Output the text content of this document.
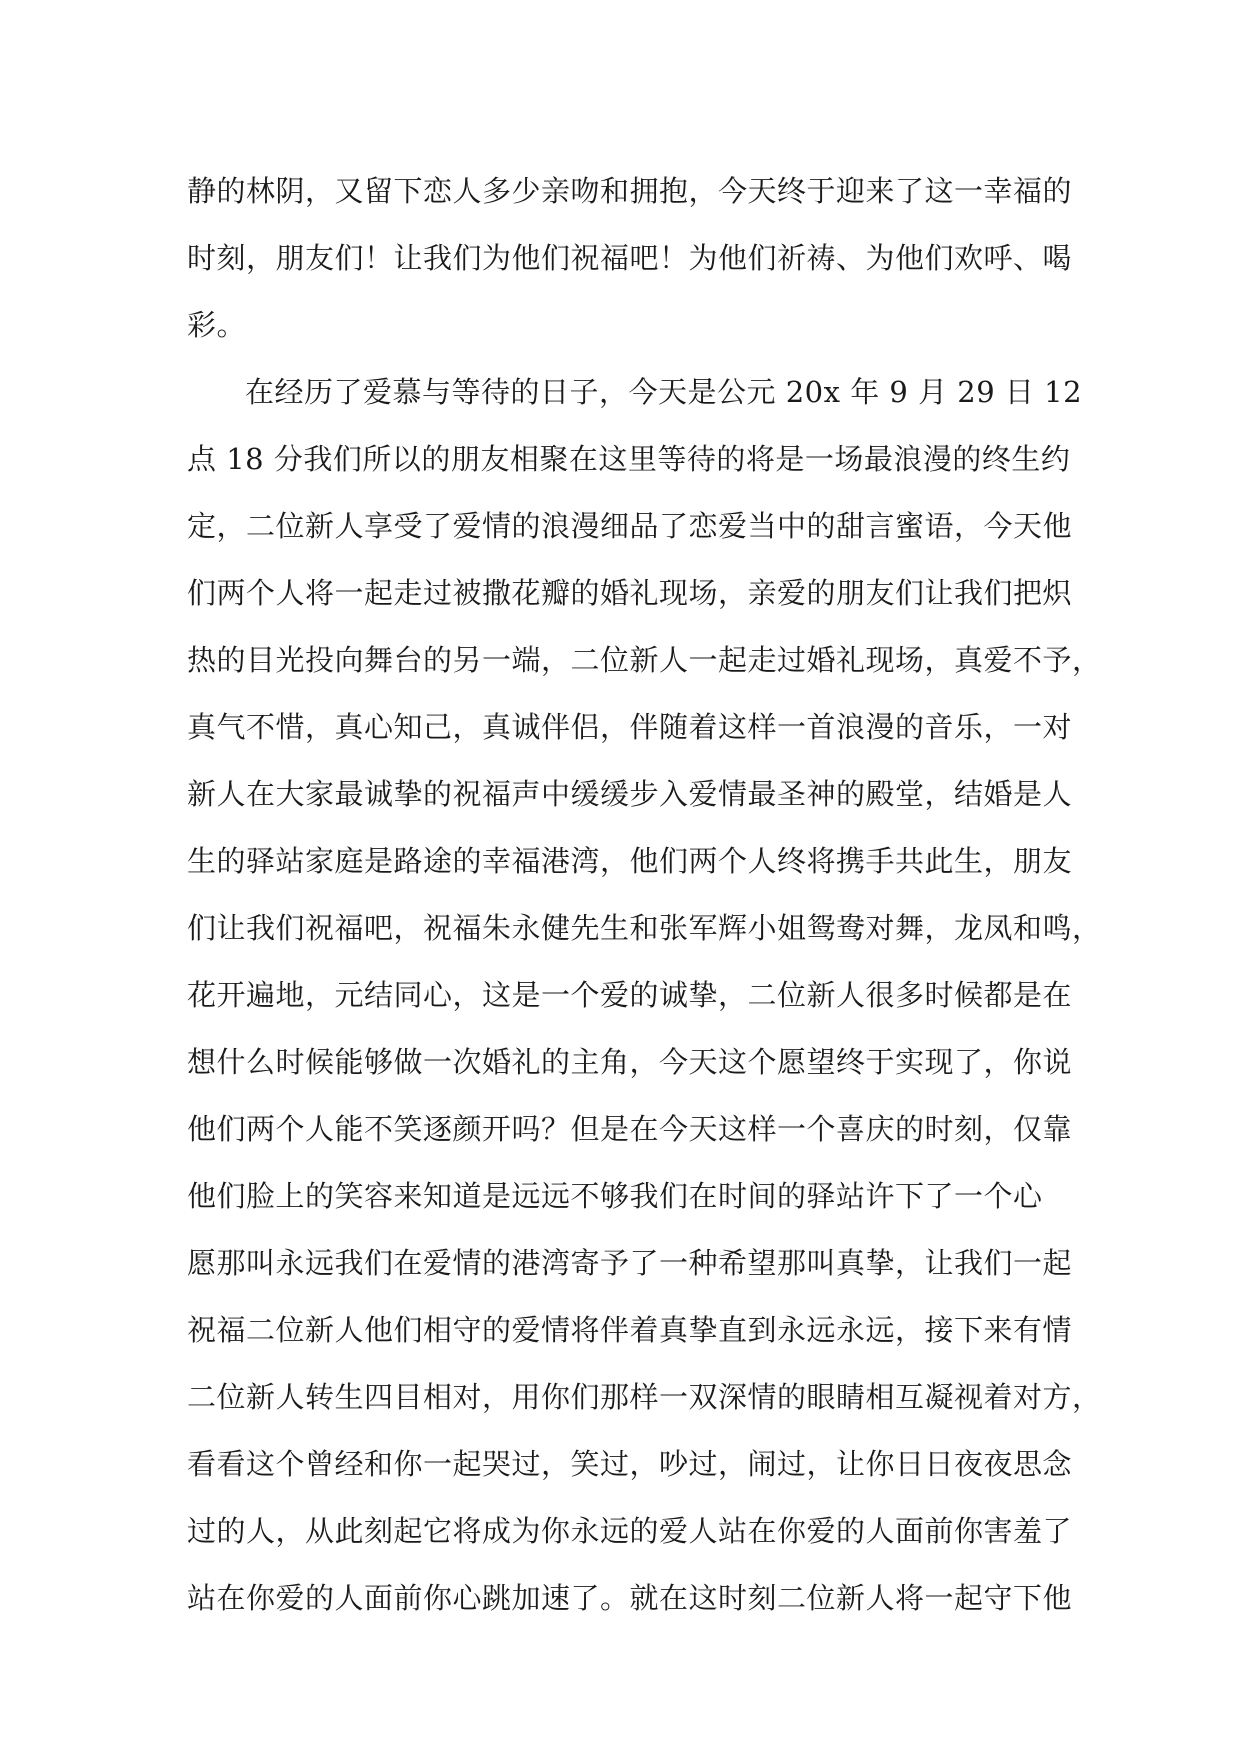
静的林阴，又留下恋人多少亲吻和拥抱，今天终于迎来了这一幸福的
时刻，朋友们！让我们为他们祝福吧！为他们祈祷、为他们欢呼、喝
彩。
在经历了爱慕与等待的日子，今天是公元 20x 年 9 月 29 日 12
点 18 分我们所以的朋友相聚在这里等待的将是一场最浪漫的终生约
定，二位新人享受了爱情的浪漫细品了恋爱当中的甜言蜜语，今天他
们两个人将一起走过被撒花瓣的婚礼现场，亲爱的朋友们让我们把炽
热的目光投向舞台的另一端，二位新人一起走过婚礼现场，真爱不予，
真气不惜，真心知己，真诚伴侣，伴随着这样一首浪漫的音乐，一对
新人在大家最诚挚的祝福声中缓缓步入爱情最圣神的殿堂，结婚是人
生的驿站家庭是路途的幸福港湾，他们两个人终将携手共此生，朋友
们让我们祝福吧，祝福朱永健先生和张军辉小姐鸳鸯对舞，龙凤和鸣，
花开遍地，元结同心，这是一个爱的诚挚，二位新人很多时候都是在
想什么时候能够做一次婚礼的主角，今天这个愿望终于实现了，你说
他们两个人能不笑逐颜开吗？但是在今天这样一个喜庆的时刻，仅靠
他们脸上的笑容来知道是远远不够我们在时间的驿站许下了一个心
愿那叫永远我们在爱情的港湾寄予了一种希望那叫真挚，让我们一起
祝福二位新人他们相守的爱情将伴着真挚直到永远永远，接下来有情
二位新人转生四目相对，用你们那样一双深情的眼睛相互凝视着对方，
看看这个曾经和你一起哭过，笑过，吵过，闹过，让你日日夜夜思念
过的人，从此刻起它将成为你永远的爱人站在你爱的人面前你害羞了
站在你爱的人面前你心跳加速了。就在这时刻二位新人将一起守下他
